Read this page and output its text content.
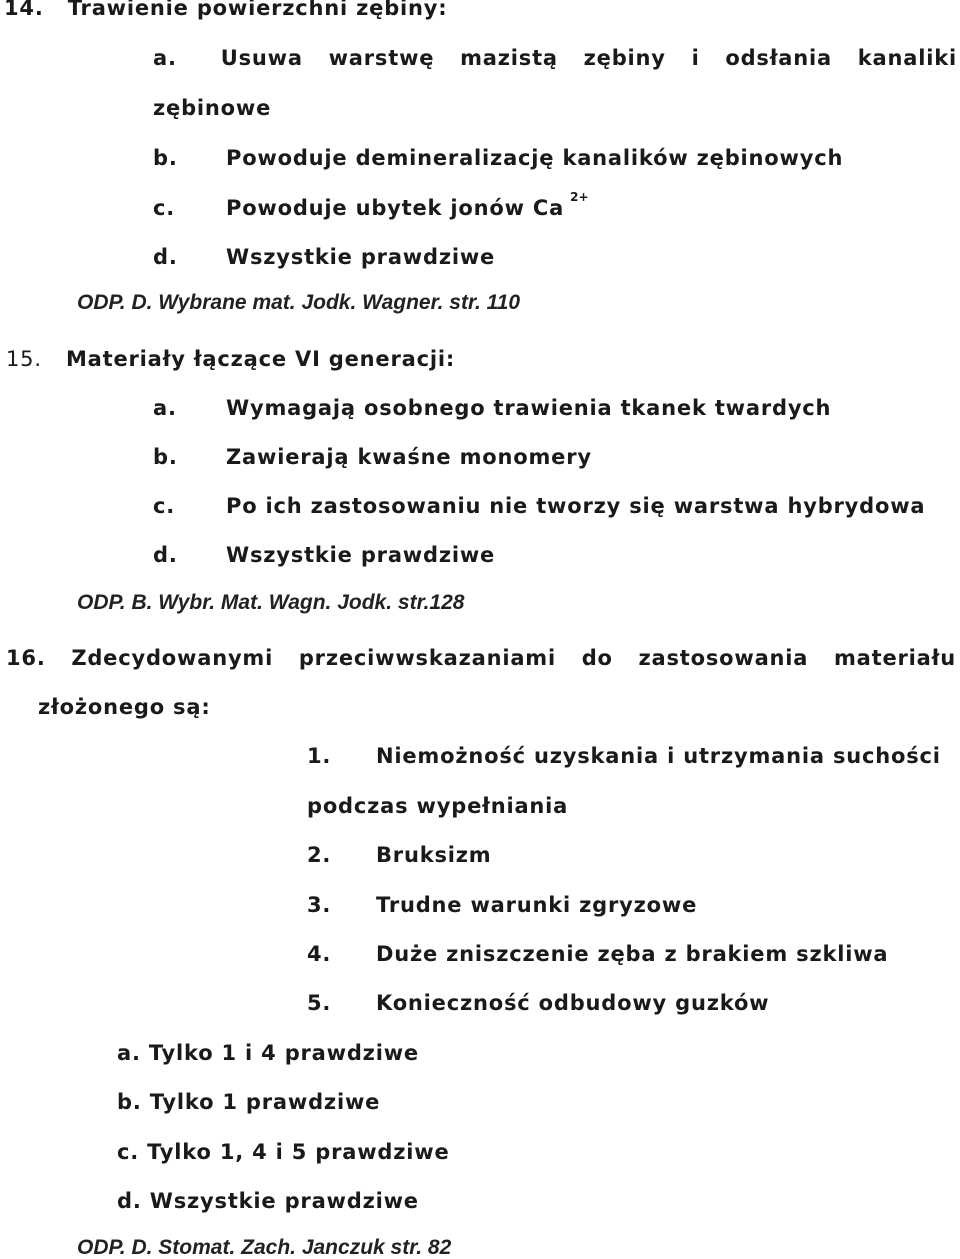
14. Trawienie powierzchni zębiny:
a. Usuwa warstwę mazistą zębiny i odsłania kanaliki
zębinowe
b. Powoduje demineralizację kanalików zębinowych
c. Powoduje ubytek jonów Ca $^{2+}$
d. Wszystkie prawdziwe
ODP. D. Wybrane mat. Jodk. Wagner. str. 110
15. Materiały łączące VI generacji:
a. Wymagają osobnego trawienia tkanek twardych
b. Zawierają kwaśne monomery
c. Po ich zastosowaniu nie tworzy się warstwa hybrydowa
d. Wszystkie prawdziwe
ODP. B. Wybr. Mat. Wagn. Jodk. str.128
16. Zdecydowanymi przeciwwskazaniami do zastosowania materiału
złożonego są:
1. Niemożność uzyskania i utrzymania suchości
podczas wypełniania
2. Bruksizm
3. Trudne warunki zgryzowe
4. Duże zniszczenie zęba z brakiem szkliwa
5. Konieczność odbudowy guzków
a. Tylko 1 i 4 prawdziwe
b. Tylko 1 prawdziwe
c. Tylko 1, 4 i 5 prawdziwe
d. Wszystkie prawdziwe
ODP. D. Stomat. Zach. Janczuk str. 82
